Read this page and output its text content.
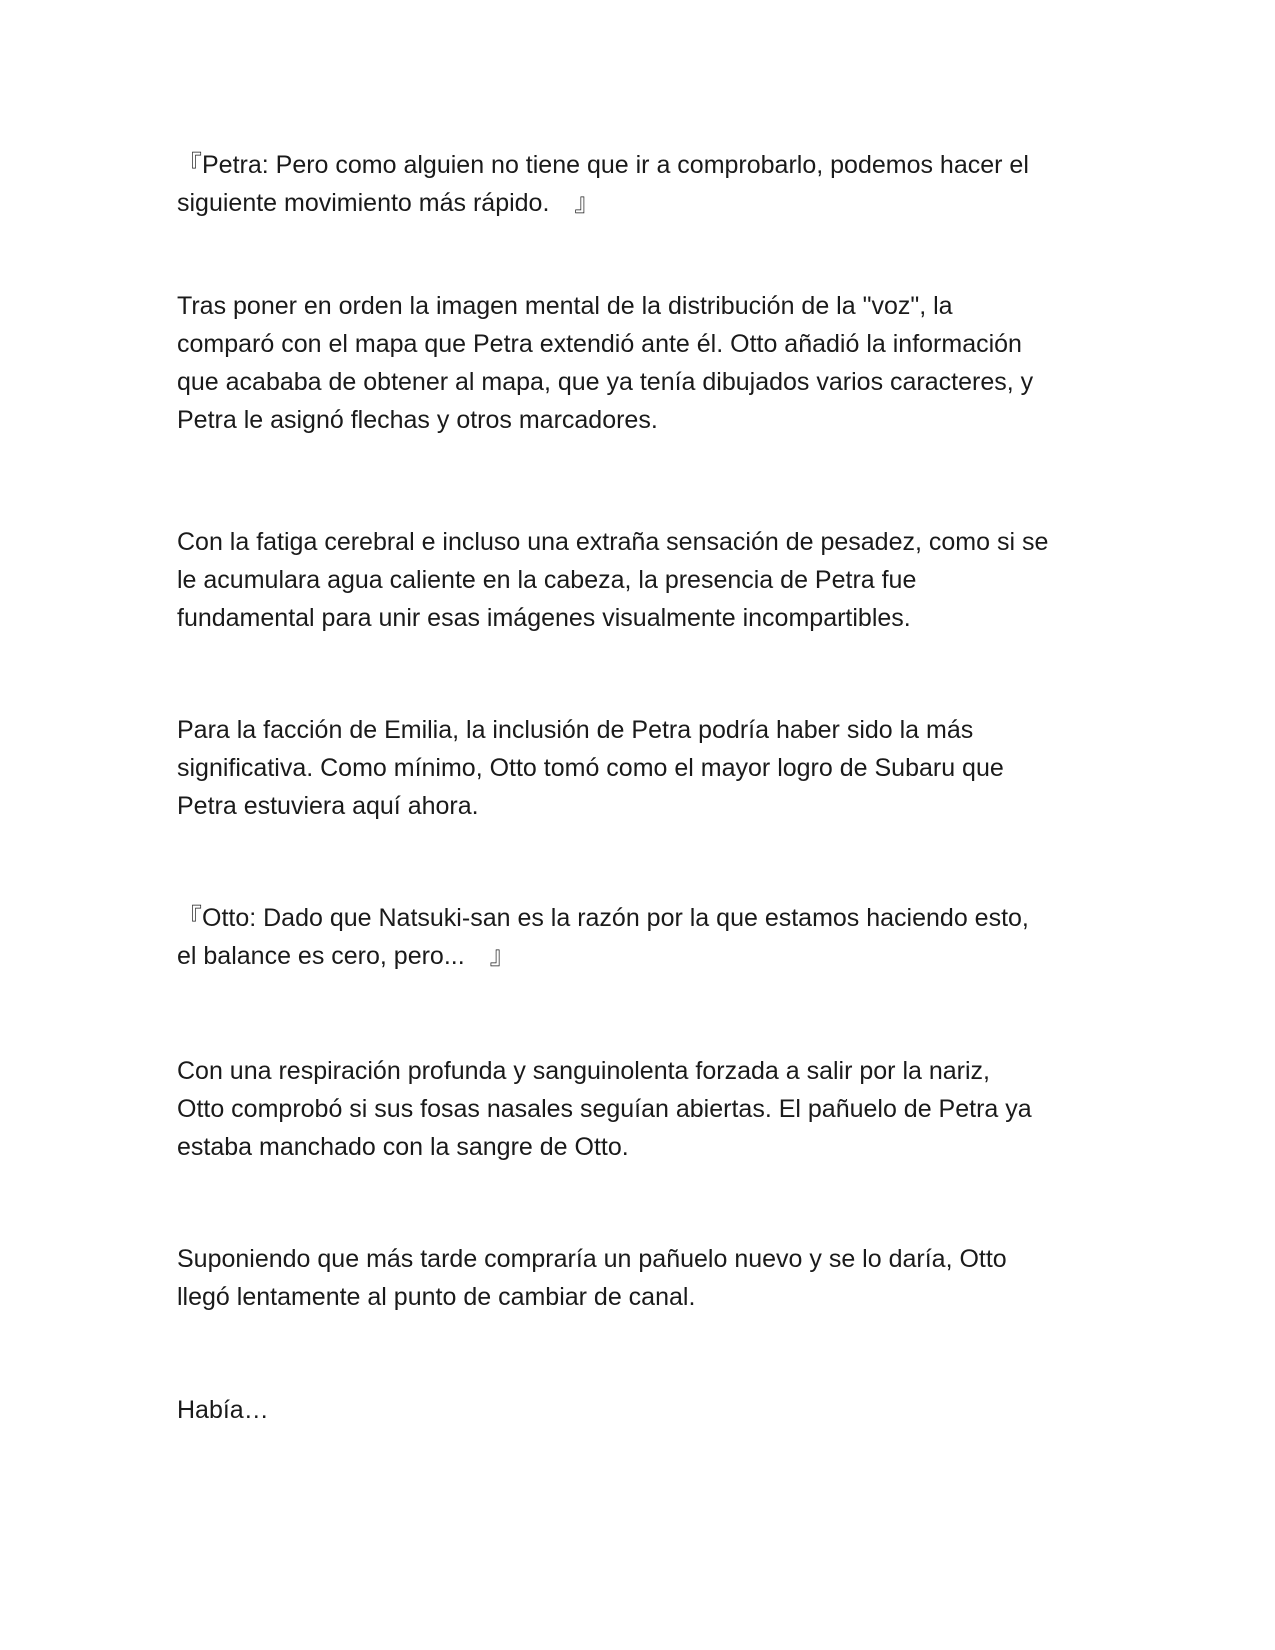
『Petra: Pero como alguien no tiene que ir a comprobarlo, podemos hacer el
siguiente movimiento más rápido.　』

Tras poner en orden la imagen mental de la distribución de la "voz", la
comparó con el mapa que Petra extendió ante él. Otto añadió la información
que acababa de obtener al mapa, que ya tenía dibujados varios caracteres, y
Petra le asignó flechas y otros marcadores.

Con la fatiga cerebral e incluso una extraña sensación de pesadez, como si se
le acumulara agua caliente en la cabeza, la presencia de Petra fue
fundamental para unir esas imágenes visualmente incompartibles.

Para la facción de Emilia, la inclusión de Petra podría haber sido la más
significativa. Como mínimo, Otto tomó como el mayor logro de Subaru que
Petra estuviera aquí ahora.

『Otto: Dado que Natsuki-san es la razón por la que estamos haciendo esto,
el balance es cero, pero...　』

Con una respiración profunda y sanguinolenta forzada a salir por la nariz,
Otto comprobó si sus fosas nasales seguían abiertas. El pañuelo de Petra ya
estaba manchado con la sangre de Otto.

Suponiendo que más tarde compraría un pañuelo nuevo y se lo daría, Otto
llegó lentamente al punto de cambiar de canal.

Había…
